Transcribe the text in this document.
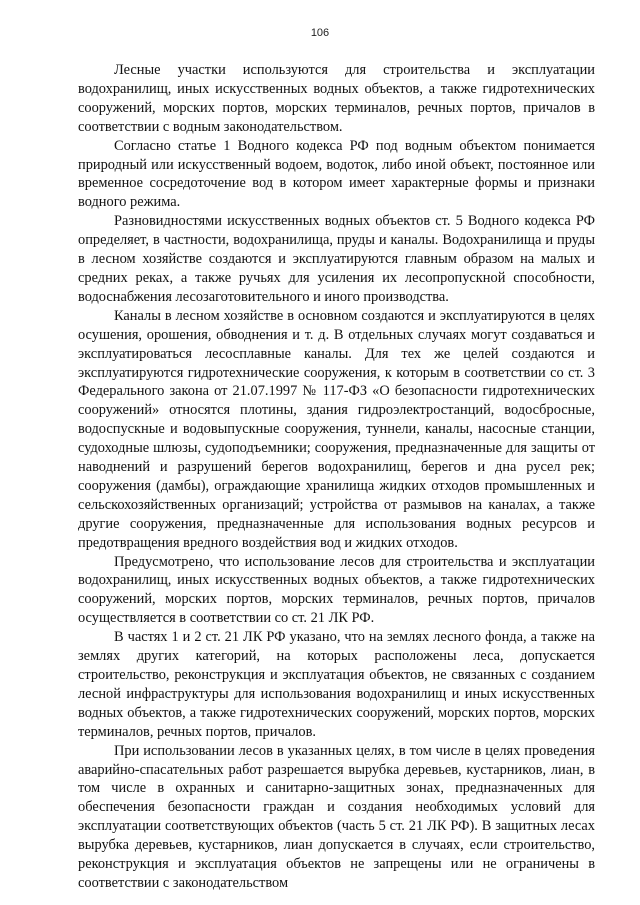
106

Лесные участки используются для строительства и эксплуатации водохранилищ, иных искусственных водных объектов, а также гидротехнических сооружений, морских портов, морских терминалов, речных портов, причалов в соответствии с водным законодательством.

Согласно статье 1 Водного кодекса РФ под водным объектом понимается природный или искусственный водоем, водоток, либо иной объект, постоянное или временное сосредоточение вод в котором имеет характерные формы и признаки водного режима.

Разновидностями искусственных водных объектов ст. 5 Водного кодекса РФ определяет, в частности, водохранилища, пруды и каналы. Водохранилища и пруды в лесном хозяйстве создаются и эксплуатируются главным образом на малых и средних реках, а также ручьях для усиления их лесопропускной способности, водоснабжения лесозаготовительного и иного производства.

Каналы в лесном хозяйстве в основном создаются и эксплуатируются в целях осушения, орошения, обводнения и т. д. В отдельных случаях могут создаваться и эксплуатироваться лесосплавные каналы. Для тех же целей создаются и эксплуатируются гидротехнические сооружения, к которым в соответствии со ст. 3 Федерального закона от 21.07.1997 № 117-ФЗ «О безопасности гидротехнических сооружений» относятся плотины, здания гидроэлектростанций, водосбросные, водоспускные и водовыпускные сооружения, туннели, каналы, насосные станции, судоходные шлюзы, судоподъемники; сооружения, предназначенные для защиты от наводнений и разрушений берегов водохранилищ, берегов и дна русел рек; сооружения (дамбы), ограждающие хранилища жидких отходов промышленных и сельскохозяйственных организаций; устройства от размывов на каналах, а также другие сооружения, предназначенные для использования водных ресурсов и предотвращения вредного воздействия вод и жидких отходов.

Предусмотрено, что использование лесов для строительства и эксплуатации водохранилищ, иных искусственных водных объектов, а также гидротехнических сооружений, морских портов, морских терминалов, речных портов, причалов осуществляется в соответствии со ст. 21 ЛК РФ.

В частях 1 и 2 ст. 21 ЛК РФ указано, что на землях лесного фонда, а также на землях других категорий, на которых расположены леса, допускается строительство, реконструкция и эксплуатация объектов, не связанных с созданием лесной инфраструктуры для использования водохранилищ и иных искусственных водных объектов, а также гидротехнических сооружений, морских портов, морских терминалов, речных портов, причалов.

При использовании лесов в указанных целях, в том числе в целях проведения аварийно-спасательных работ разрешается вырубка деревьев, кустарников, лиан, в том числе в охранных и санитарно-защитных зонах, предназначенных для обеспечения безопасности граждан и создания необходимых условий для эксплуатации соответствующих объектов (часть 5 ст. 21 ЛК РФ). В защитных лесах вырубка деревьев, кустарников, лиан допускается в случаях, если строительство, реконструкция и эксплуатация объектов не запрещены или не ограничены в соответствии с законодательством
